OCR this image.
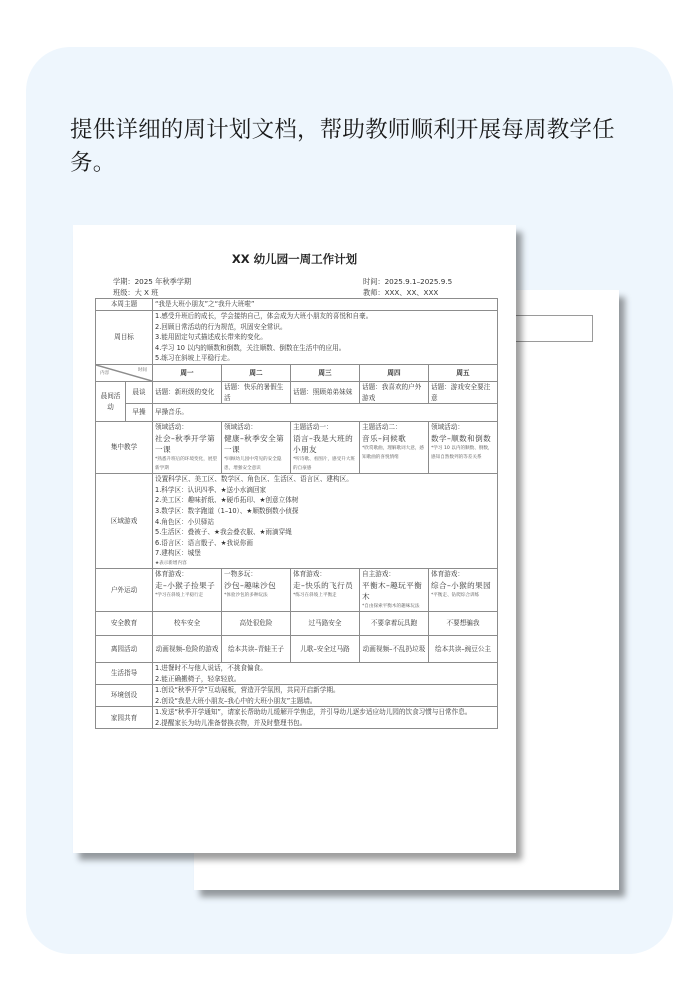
提供详细的周计划文档，帮助教师顺利开展每周教学任务。
XX 幼儿园一周工作计划
学期：2025 年秋季学期	时间：2025.9.1–2025.9.5
班级：大 X 班	教师：XXX、XX、XXX
本周主题		“我是大班小朋友”之“我升大班啦”				
周目标		1.感受升班后的成长，学会接纳自己，体会成为大班小朋友的喜悦和自豪。
2.回顾日常活动的行为规范，巩固安全常识。
3.能用固定句式描述成长带来的变化。
4.学习 10 以内的顺数和倒数，关注顺数、倒数在生活中的应用。
5.练习在斜坡上平稳行走。				

时间
内容		周一	周二	周三	周四	周五
晨间活动	晨谈	话题：新班级的变化	话题：快乐的暑假生活	话题：照顾弟弟妹妹	话题：我喜欢的户外游戏	话题：游戏安全要注意
	早操	早操音乐。				
集中教学		领域活动：
社会–秋季开学第一课
*熟悉升班后的环境变化，展望新学期	领域活动：
健康–秋季安全第一课
*回顾幼儿园中常见的安全隐患，增强安全意识	主题活动一：
语言–我是大班的小朋友
*听诗歌、看图片，感受升大班的自豪感	主题活动二：
音乐–问候歌
*欣赏歌曲，理解歌词大意，感知歌曲的喜悦情绪	领域活动：
数学–顺数和倒数
*学习 10 以内的顺数、倒数，感知自然数列的等差关系

区域游戏	
设置科学区、美工区、数学区、角色区、生活区、语言区、建构区。
1.科学区：认识四季、★送小水滴回家
2.美工区：趣味折纸、★硬币拓印、★创意立体树
3.数学区：数字跑道（1–10）、★顺数倒数小侦探
4.角色区：小贝驿站
5.生活区：叠被子、★我会叠衣服、★雨滴穿绳
6.语言区：语言骰子、★我说你画
7.建构区：城堡
★表示新增内容

户外运动		体育游戏：
走–小猴子捡果子
*学习在斜坡上平稳行走	一物多玩：
沙包–趣味沙包
*体验沙包的多种玩法	体育游戏：
走–快乐的飞行员
*练习在斜坡上平衡走	自主游戏：
平衡木–趣玩平衡木
*自由探索平衡木的趣味玩法	体育游戏：
综合–小猴的果园
*平衡走、钻爬综合训练

安全教育		校车安全	高处很危险	过马路安全	不要拿着玩具跑	不要想骗我
离园活动		动画视频–危险的游戏	绘本共读–青蛙王子	儿歌–安全过马路	动画视频–不乱扔垃圾	绘本共读–豌豆公主
生活指导		1.进餐时不与他人说话，不挑食偏食。
2.能正确搬椅子，轻拿轻放。				

环境创设		1.创设“秋季开学”互动展板，营造开学氛围，共同开启新学期。
2.创设“我是大班小朋友–我心中的大班小朋友”主题墙。				

家园共育		1.发送“秋季开学通知”，请家长帮助幼儿缓解开学焦虑，并引导幼儿逐步适应幼儿园的饮食习惯与日常作息。
2.提醒家长为幼儿准备替换衣物，并及时整理书包。				
